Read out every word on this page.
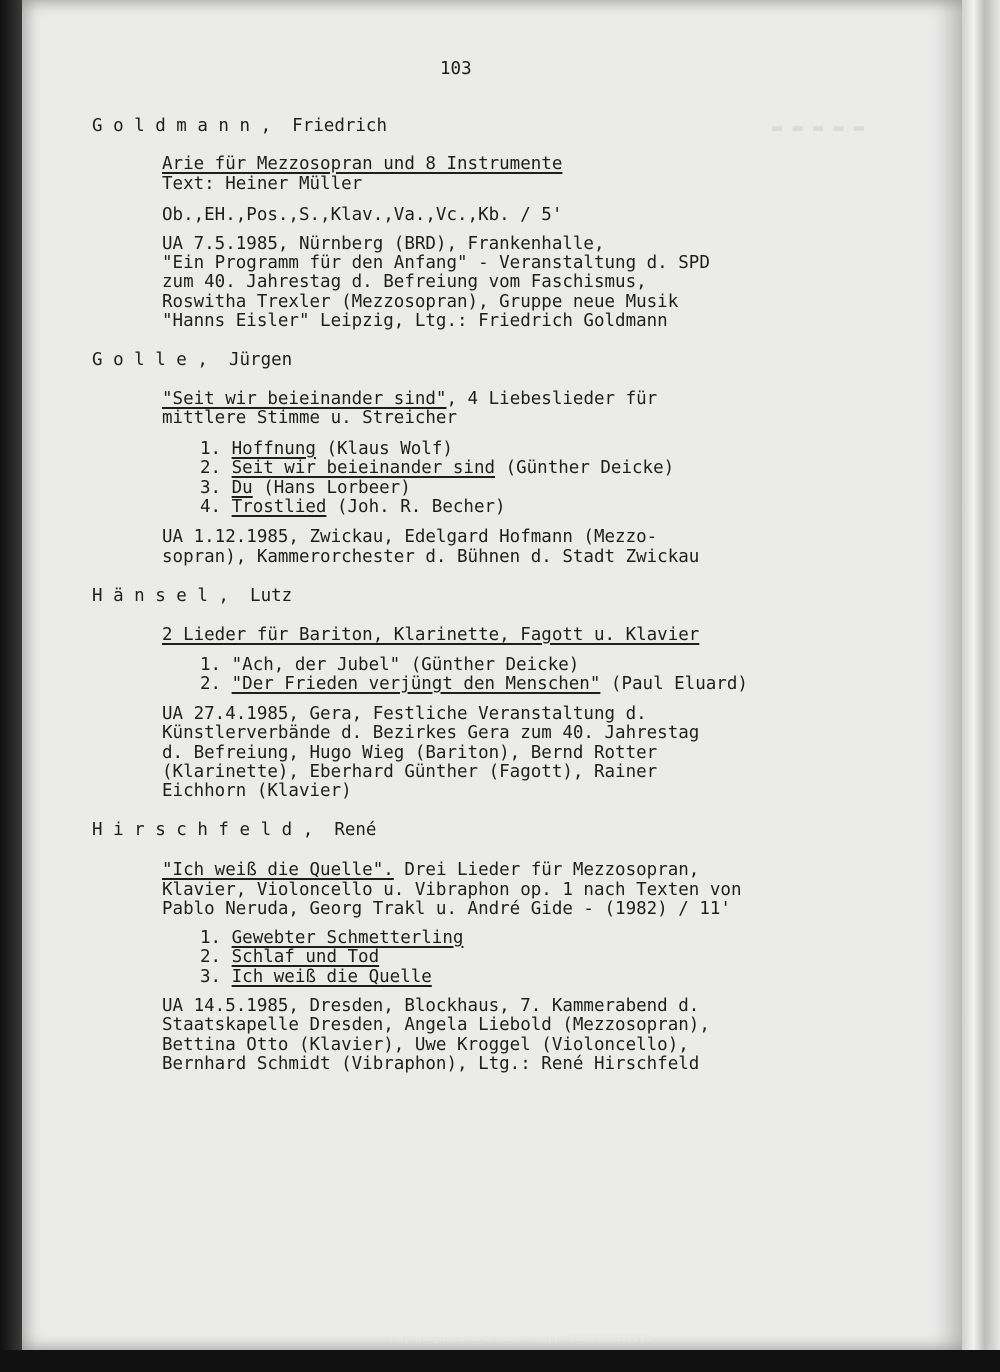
▬ ▬ ▬ ▬ ▬
103
G o l d m a n n ,  Friedrich
Arie für Mezzosopran und 8 Instrumente
Text: Heiner Müller
Ob.,EH.,Pos.,S.,Klav.,Va.,Vc.,Kb. / 5'
UA 7.5.1985, Nürnberg (BRD), Frankenhalle,
"Ein Programm für den Anfang" - Veranstaltung d. SPD
zum 40. Jahrestag d. Befreiung vom Faschismus,
Roswitha Trexler (Mezzosopran), Gruppe neue Musik
"Hanns Eisler" Leipzig, Ltg.: Friedrich Goldmann
G o l l e ,  Jürgen
"Seit wir beieinander sind", 4 Liebeslieder für
mittlere Stimme u. Streicher
1. Hoffnung (Klaus Wolf)
2. Seit wir beieinander sind (Günther Deicke)
3. Du (Hans Lorbeer)
4. Trostlied (Joh. R. Becher)
UA 1.12.1985, Zwickau, Edelgard Hofmann (Mezzo-
sopran), Kammerorchester d. Bühnen d. Stadt Zwickau
H ä n s e l ,  Lutz
2 Lieder für Bariton, Klarinette, Fagott u. Klavier
1. "Ach, der Jubel" (Günther Deicke)
2. "Der Frieden verjüngt den Menschen" (Paul Eluard)
UA 27.4.1985, Gera, Festliche Veranstaltung d.
Künstlerverbände d. Bezirkes Gera zum 40. Jahrestag
d. Befreiung, Hugo Wieg (Bariton), Bernd Rotter
(Klarinette), Eberhard Günther (Fagott), Rainer
Eichhorn (Klavier)
H i r s c h f e l d ,  René
"Ich weiß die Quelle". Drei Lieder für Mezzosopran,
Klavier, Violoncello u. Vibraphon op. 1 nach Texten von
Pablo Neruda, Georg Trakl u. André Gide - (1982) / 11'
1. Gewebter Schmetterling
2. Schlaf und Tod
3. Ich weiß die Quelle
UA 14.5.1985, Dresden, Blockhaus, 7. Kammerabend d.
Staatskapelle Dresden, Angela Liebold (Mezzosopran),
Bettina Otto (Klavier), Uwe Kroggel (Violoncello),
Bernhard Schmidt (Vibraphon), Ltg.: René Hirschfeld
http://digital.slub-dresden.de/ppn30586185Z/113
